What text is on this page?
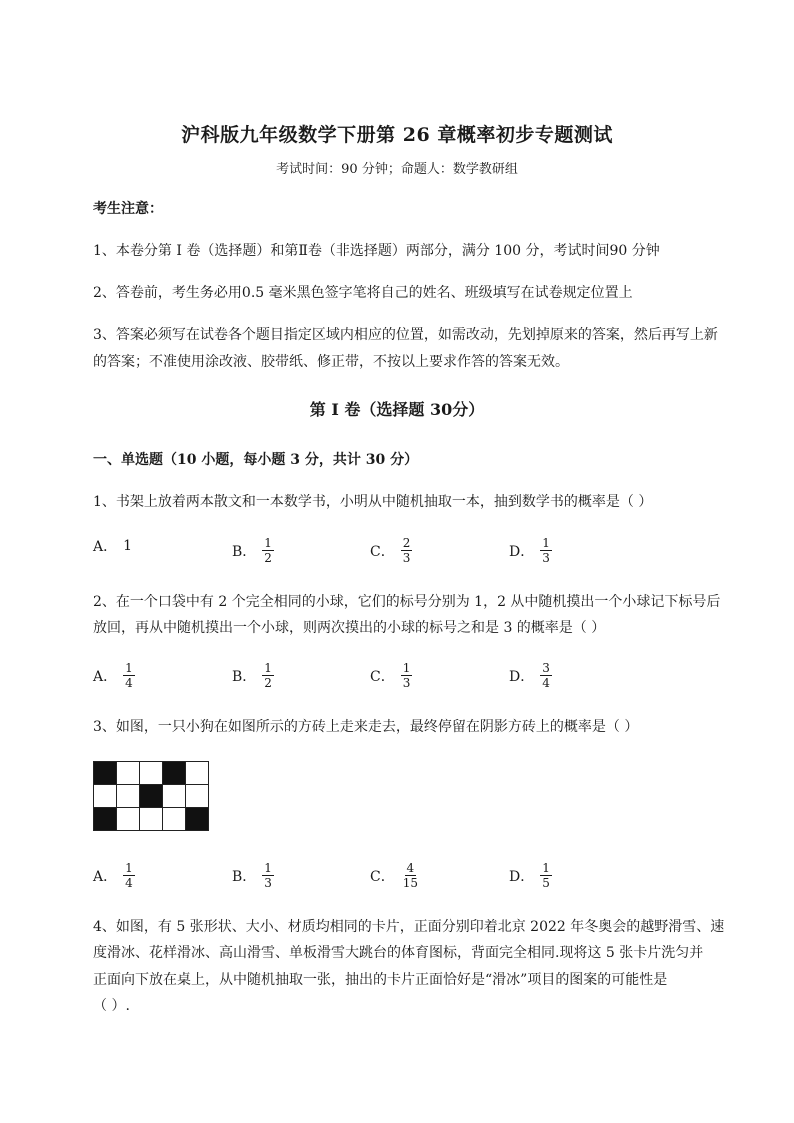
沪科版九年级数学下册第 26 章概率初步专题测试
考试时间：90 分钟；命题人：数学教研组
考生注意：
1、本卷分第 I 卷（选择题）和第Ⅱ卷（非选择题）两部分，满分 100 分，考试时间90 分钟
2、答卷前，考生务必用0.5 毫米黑色签字笔将自己的姓名、班级填写在试卷规定位置上
3、答案必须写在试卷各个题目指定区域内相应的位置，如需改动，先划掉原来的答案，然后再写上新
的答案；不准使用涂改液、胶带纸、修正带，不按以上要求作答的答案无效。
第 I 卷（选择题 30分）
一、单选题（10 小题，每小题 3 分，共计 30 分）
1、书架上放着两本散文和一本数学书，小明从中随机抽取一本，抽到数学书的概率是（ ）
A． 1	B． $\frac{1}{2}$	C． $\frac{2}{3}$	D． $\frac{1}{3}$
2、在一个口袋中有 2 个完全相同的小球，它们的标号分别为 1，2 从中随机摸出一个小球记下标号后
放回，再从中随机摸出一个小球，则两次摸出的小球的标号之和是 3 的概率是（ ）
A． $\frac{1}{4}$	B． $\frac{1}{2}$	C． $\frac{1}{3}$	D． $\frac{3}{4}$
3、如图，一只小狗在如图所示的方砖上走来走去，最终停留在阴影方砖上的概率是（ ）

A． $\frac{1}{4}$	B． $\frac{1}{3}$	C． $\frac{4}{15}$	D． $\frac{1}{5}$
4、如图，有 5 张形状、大小、材质均相同的卡片，正面分别印着北京 2022 年冬奥会的越野滑雪、速
度滑冰、花样滑冰、高山滑雪、单板滑雪大跳台的体育图标，背面完全相同.现将这 5 张卡片洗匀并
正面向下放在桌上，从中随机抽取一张，抽出的卡片正面恰好是“滑冰”项目的图案的可能性是
（ ）.
